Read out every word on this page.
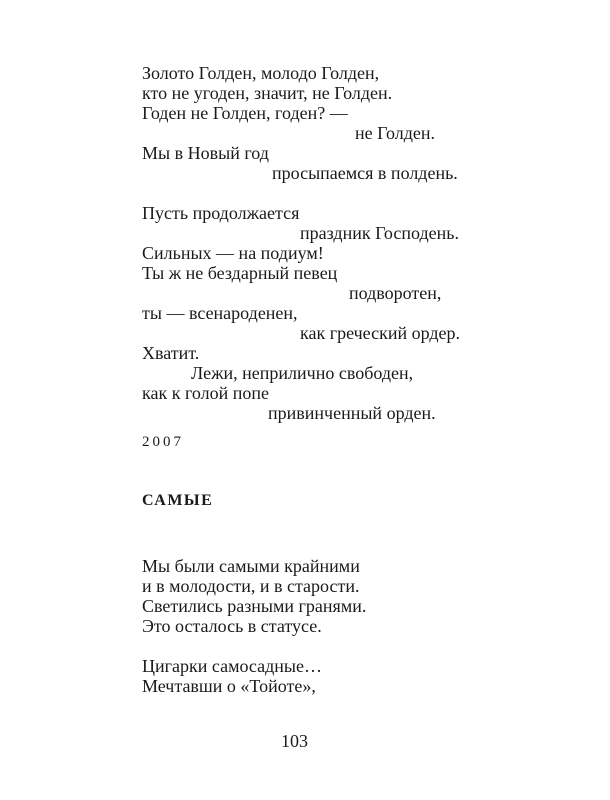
Золото Голден, молодо Голден,
кто не угоден, значит, не Голден.
Годен не Голден, годен? —
не Голден.
Мы в Новый год
просыпаемся в полдень.
Пусть продолжается
праздник Господень.
Сильных — на подиум!
Ты ж не бездарный певец
подворотен,
ты — всенароденен,
как греческий ордер.
Хватит.
Лежи, неприлично свободен,
как к голой попе
привинченный орден.
2007
САМЫЕ
Мы были самыми крайними
и в молодости, и в старости.
Светились разными гранями.
Это осталось в статусе.
Цигарки самосадные…
Мечтавши о «Тойоте»,
103
